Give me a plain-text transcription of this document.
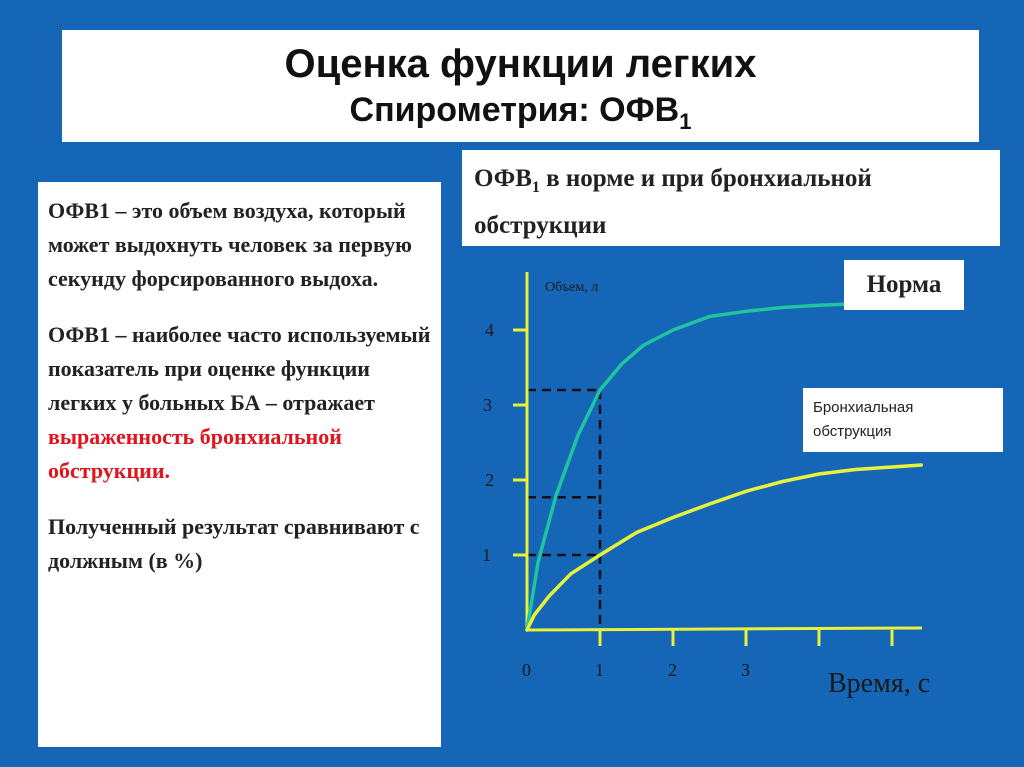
Оценка функции легких
Спирометрия: $ОФВ_1$

ОФВ1 – это объем воздуха, который может выдохнуть человек за первую секунду форсированного выдоха.

ОФВ1 – наиболее часто используемый показатель при оценке функции легких у больных БА – отражает выраженность бронхиальной обструкции.

Полученный результат сравнивают с должным (в %)

$ОФВ_1$ в норме и при бронхиальной обструкции
0	1	2	3
1
2
3
4
Объем, л
Время, с
Норма
Бронхиальная обструкция
